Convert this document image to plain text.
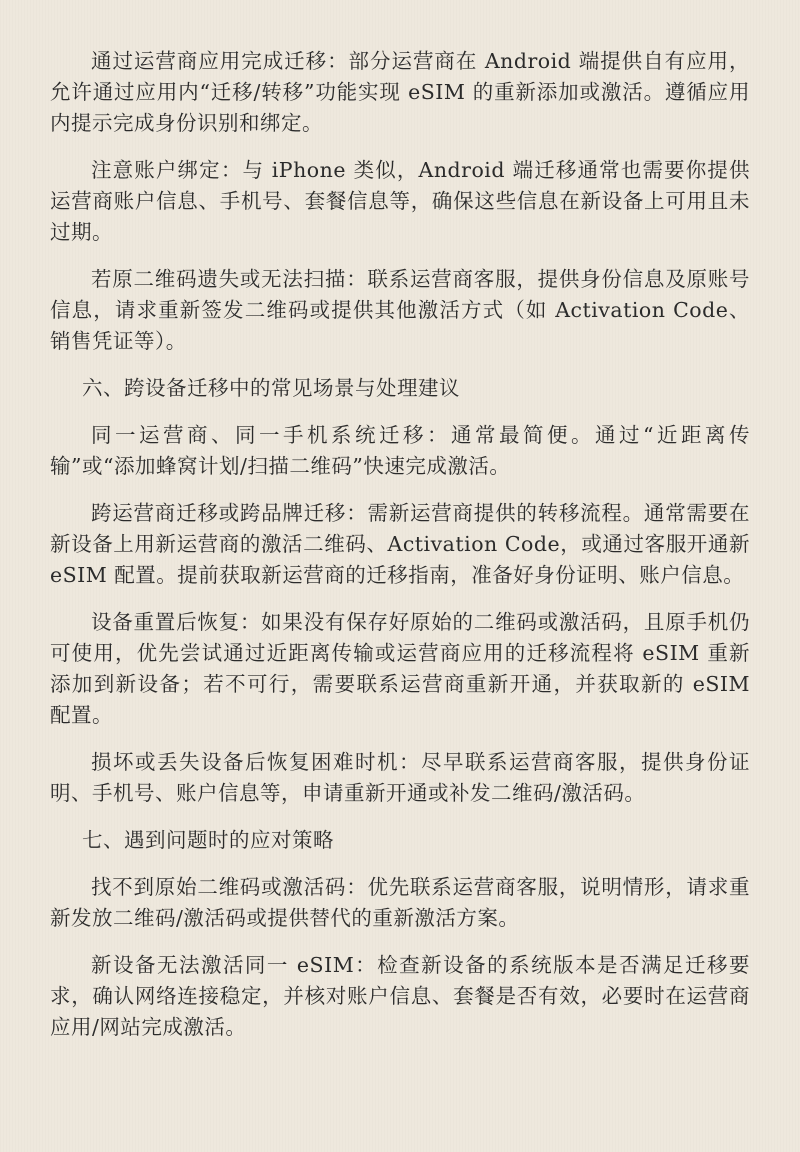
通过运营商应用完成迁移：部分运营商在 Android 端提供自有应用，允许通过应用内“迁移/转移”功能实现 eSIM 的重新添加或激活。遵循应用内提示完成身份识别和绑定。

注意账户绑定：与 iPhone 类似，Android 端迁移通常也需要你提供运营商账户信息、手机号、套餐信息等，确保这些信息在新设备上可用且未过期。

若原二维码遗失或无法扫描：联系运营商客服，提供身份信息及原账号信息，请求重新签发二维码或提供其他激活方式（如 Activation Code、销售凭证等）。

六、跨设备迁移中的常见场景与处理建议

同一运营商、同一手机系统迁移：通常最简便。通过“近距离传输”或“添加蜂窝计划/扫描二维码”快速完成激活。

跨运营商迁移或跨品牌迁移：需新运营商提供的转移流程。通常需要在新设备上用新运营商的激活二维码、Activation Code，或通过客服开通新 eSIM 配置。提前获取新运营商的迁移指南，准备好身份证明、账户信息。

设备重置后恢复：如果没有保存好原始的二维码或激活码，且原手机仍可使用，优先尝试通过近距离传输或运营商应用的迁移流程将 eSIM 重新添加到新设备；若不可行，需要联系运营商重新开通，并获取新的 eSIM 配置。

损坏或丢失设备后恢复困难时机：尽早联系运营商客服，提供身份证明、手机号、账户信息等，申请重新开通或补发二维码/激活码。

七、遇到问题时的应对策略

找不到原始二维码或激活码：优先联系运营商客服，说明情形，请求重新发放二维码/激活码或提供替代的重新激活方案。

新设备无法激活同一 eSIM：检查新设备的系统版本是否满足迁移要求，确认网络连接稳定，并核对账户信息、套餐是否有效，必要时在运营商应用/网站完成激活。
